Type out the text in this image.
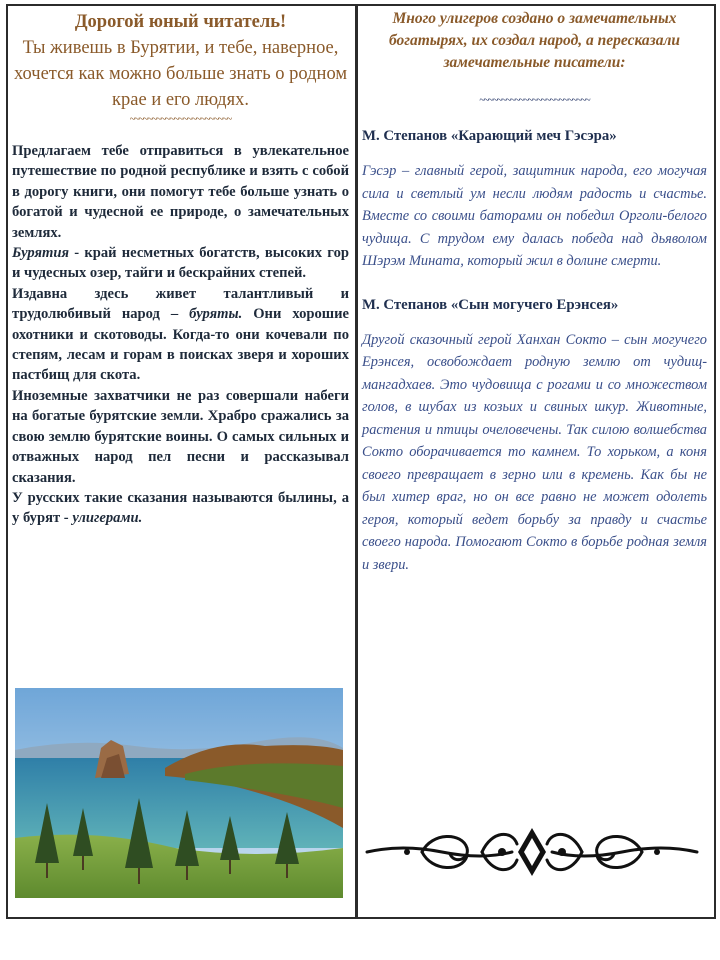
Дорогой юный читатель!

Ты живешь в Бурятии, и тебе, наверное, хочется как можно больше знать о родном крае и его людях.

~~~~~~~~~~~~~~~~~~~~~~~

Предлагаем тебе отправиться в увлекательное путешествие по родной республике и взять с собой в дорогу книги, они помогут тебе больше узнать о богатой и чудесной ее природе, о замечательных землях.

Бурятия - край несметных богатств, высоких гор и чудесных озер, тайги и бескрайних степей.

Издавна здесь живет талантливый и трудолюбивый народ – буряты. Они хорошие охотники и скотоводы. Когда-то они кочевали по степям, лесам и горам в поисках зверя и хороших пастбищ для скота.

Иноземные захватчики не раз совершали набеги на богатые бурятские земли. Храбро сражались за свою землю бурятские воины. О самых сильных и отважных народ пел песни и рассказывал сказания.

У русских такие сказания называются былины, а у бурят - улигерами.

Много улигеров создано о замечательных богатырях, их создал народ, а пересказали замечательные писатели:

~~~~~~~~~~~~~~~~~~~~~~~~~

М. Степанов «Карающий меч Гэсэра»

Гэсэр – главный герой, защитник народа, его могучая сила и светлый ум несли людям радость и счастье. Вместе со своими баторами он победил Орголи-белого чудища. С трудом ему далась победа над дьяволом Шэрэм Мината, который жил в долине смерти.

М. Степанов «Сын могучего Ерэнсея»

Другой сказочный герой Ханхан Сокто – сын могучего Ерэнсея, освобождает родную землю от чудищ- мангадхаев. Это чудовища с рогами и со множеством голов, в шубах из козьих и свиных шкур. Животные, растения и птицы очеловечены. Так силою волшебства Сокто оборачивается то камнем. То хорьком, а коня своего превращает в зерно или в кремень. Как бы не был хитер враг, но он все равно не может одолеть героя, который ведет борьбу за правду и счастье своего народа. Помогают Сокто в борьбе родная земля и звери.
